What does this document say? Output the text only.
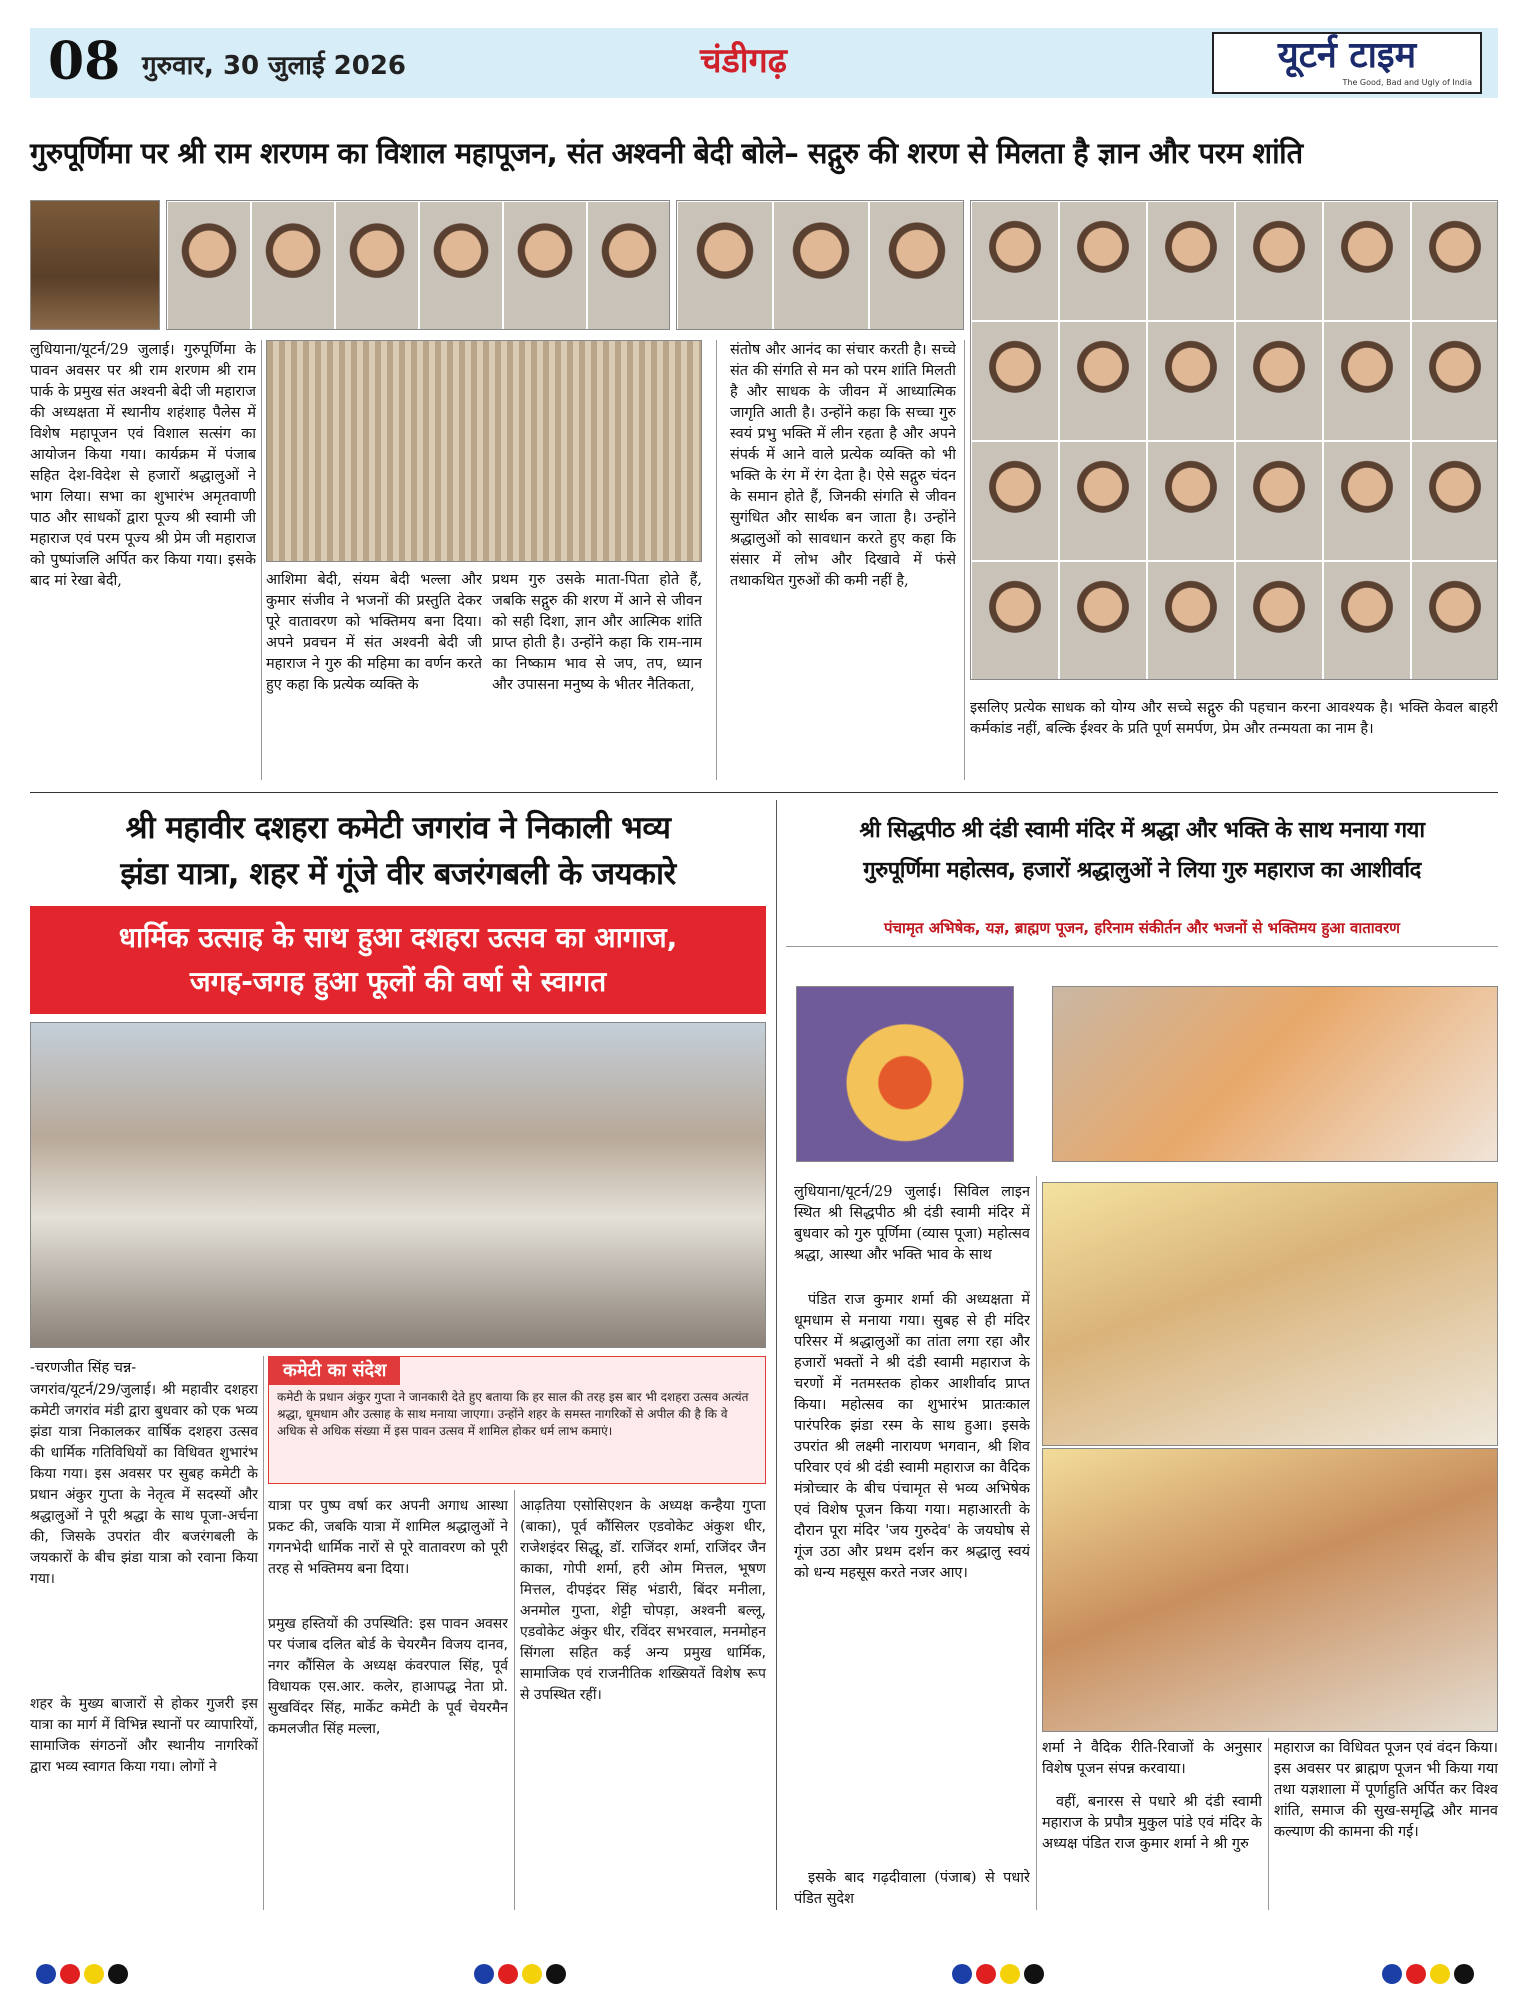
08 गुरुवार, 30 जुलाई 2026	चंडीगढ़	यूटर्न टाइम
The Good, Bad and Ugly of India
गुरुपूर्णिमा पर श्री राम शरणम का विशाल महापूजन, संत अश्वनी बेदी बोले– सद्गुरु की शरण से मिलता है ज्ञान और परम शांति
लुधियाना/यूटर्न/29 जुलाई। गुरुपूर्णिमा के पावन अवसर पर श्री राम शरणम श्री राम पार्क के प्रमुख संत अश्वनी बेदी जी महाराज की अध्यक्षता में स्थानीय शहंशाह पैलेस में विशेष महापूजन एवं विशाल सत्संग का आयोजन किया गया। कार्यक्रम में पंजाब सहित देश-विदेश से हजारों श्रद्धालुओं ने भाग लिया। सभा का शुभारंभ अमृतवाणी पाठ और साधकों द्वारा पूज्य श्री स्वामी जी महाराज एवं परम पूज्य श्री प्रेम जी महाराज को पुष्पांजलि अर्पित कर किया गया। इसके बाद मां रेखा बेदी,	आशिमा बेदी, संयम बेदी भल्ला और कुमार संजीव ने भजनों की प्रस्तुति देकर पूरे वातावरण को भक्तिमय बना दिया। अपने प्रवचन में संत अश्वनी बेदी जी महाराज ने गुरु की महिमा का वर्णन करते हुए कहा कि प्रत्येक व्यक्ति के
प्रथम गुरु उसके माता-पिता होते हैं, जबकि सद्गुरु की शरण में आने से जीवन को सही दिशा, ज्ञान और आत्मिक शांति प्राप्त होती है। उन्होंने कहा कि राम-नाम का निष्काम भाव से जप, तप, ध्यान और उपासना मनुष्य के भीतर नैतिकता,
संतोष और आनंद का संचार करती है। सच्चे संत की संगति से मन को परम शांति मिलती है और साधक के जीवन में आध्यात्मिक जागृति आती है। उन्होंने कहा कि सच्चा गुरु स्वयं प्रभु भक्ति में लीन रहता है और अपने संपर्क में आने वाले प्रत्येक व्यक्ति को भी भक्ति के रंग में रंग देता है। ऐसे सद्गुरु चंदन के समान होते हैं, जिनकी संगति से जीवन सुगंधित और सार्थक बन जाता है। उन्होंने श्रद्धालुओं को सावधान करते हुए कहा कि संसार में लोभ और दिखावे में फंसे तथाकथित गुरुओं की कमी नहीं है,
इसलिए प्रत्येक साधक को योग्य और सच्चे सद्गुरु की पहचान करना आवश्यक है। भक्ति केवल बाहरी कर्मकांड नहीं, बल्कि ईश्वर के प्रति पूर्ण समर्पण, प्रेम और तन्मयता का नाम है।
श्री महावीर दशहरा कमेटी जगरांव ने निकाली भव्य
झंडा यात्रा, शहर में गूंजे वीर बजरंगबली के जयकारे
धार्मिक उत्साह के साथ हुआ दशहरा उत्सव का आगाज,
जगह-जगह हुआ फूलों की वर्षा से स्वागत
-चरणजीत सिंह चन्न-
जगरांव/यूटर्न/29/जुलाई। श्री महावीर दशहरा कमेटी जगरांव मंडी द्वारा बुधवार को एक भव्य झंडा यात्रा निकालकर वार्षिक दशहरा उत्सव की धार्मिक गतिविधियों का विधिवत शुभारंभ किया गया। इस अवसर पर सुबह कमेटी के प्रधान अंकुर गुप्ता के नेतृत्व में सदस्यों और श्रद्धालुओं ने पूरी श्रद्धा के साथ पूजा-अर्चना की, जिसके उपरांत वीर बजरंगबली के जयकारों के बीच झंडा यात्रा को रवाना किया गया।
शहर के मुख्य बाजारों से होकर गुजरी इस यात्रा का मार्ग में विभिन्न स्थानों पर व्यापारियों, सामाजिक संगठनों और स्थानीय नागरिकों द्वारा भव्य स्वागत किया गया। लोगों ने
कमेटी का संदेश
कमेटी के प्रधान अंकुर गुप्ता ने जानकारी देते हुए बताया कि हर साल की तरह इस बार भी दशहरा उत्सव अत्यंत श्रद्धा, धूमधाम और उत्साह के साथ मनाया जाएगा। उन्होंने शहर के समस्त नागरिकों से अपील की है कि वे अधिक से अधिक संख्या में इस पावन उत्सव में शामिल होकर धर्म लाभ कमाएं।
यात्रा पर पुष्प वर्षा कर अपनी अगाध आस्था प्रकट की, जबकि यात्रा में शामिल श्रद्धालुओं ने गगनभेदी धार्मिक नारों से पूरे वातावरण को पूरी तरह से भक्तिमय बना दिया।
प्रमुख हस्तियों की उपस्थिति: इस पावन अवसर पर पंजाब दलित बोर्ड के चेयरमैन विजय दानव, नगर कौंसिल के अध्यक्ष कंवरपाल सिंह, पूर्व विधायक एस.आर. कलेर, हाआपद्ध नेता प्रो. सुखविंदर सिंह, मार्केट कमेटी के पूर्व चेयरमैन कमलजीत सिंह मल्ला,
आढ़तिया एसोसिएशन के अध्यक्ष कन्हैया गुप्ता (बाका), पूर्व कौंसिलर एडवोकेट अंकुश धीर, राजेशइंदर सिद्धू, डॉ. राजिंदर शर्मा, राजिंदर जैन काका, गोपी शर्मा, हरी ओम मित्तल, भूषण मित्तल, दीपइंदर सिंह भंडारी, बिंदर मनीला, अनमोल गुप्ता, शेट्टी चोपड़ा, अश्वनी बल्लू, एडवोकेट अंकुर धीर, रविंदर सभरवाल, मनमोहन सिंगला सहित कई अन्य प्रमुख धार्मिक, सामाजिक एवं राजनीतिक शख्सियतें विशेष रूप से उपस्थित रहीं।
श्री सिद्धपीठ श्री दंडी स्वामी मंदिर में श्रद्धा और भक्ति के साथ मनाया गया
गुरुपूर्णिमा महोत्सव, हजारों श्रद्धालुओं ने लिया गुरु महाराज का आशीर्वाद
पंचामृत अभिषेक, यज्ञ, ब्राह्मण पूजन, हरिनाम संकीर्तन और भजनों से भक्तिमय हुआ वातावरण
लुधियाना/यूटर्न/29 जुलाई। सिविल लाइन स्थित श्री सिद्धपीठ श्री दंडी स्वामी मंदिर में बुधवार को गुरु पूर्णिमा (व्यास पूजा) महोत्सव श्रद्धा, आस्था और भक्ति भाव के साथ
पंडित राज कुमार शर्मा की अध्यक्षता में धूमधाम से मनाया गया। सुबह से ही मंदिर परिसर में श्रद्धालुओं का तांता लगा रहा और हजारों भक्तों ने श्री दंडी स्वामी महाराज के चरणों में नतमस्तक होकर आशीर्वाद प्राप्त किया। महोत्सव का शुभारंभ प्रातःकाल पारंपरिक झंडा रस्म के साथ हुआ। इसके उपरांत श्री लक्ष्मी नारायण भगवान, श्री शिव परिवार एवं श्री दंडी स्वामी महाराज का वैदिक मंत्रोच्चार के बीच पंचामृत से भव्य अभिषेक एवं विशेष पूजन किया गया। महाआरती के दौरान पूरा मंदिर 'जय गुरुदेव' के जयघोष से गूंज उठा और प्रथम दर्शन कर श्रद्धालु स्वयं को धन्य महसूस करते नजर आए।
इसके बाद गढ़दीवाला (पंजाब) से पधारे पंडित सुदेश
शर्मा ने वैदिक रीति-रिवाजों के अनुसार विशेष पूजन संपन्न करवाया।
वहीं, बनारस से पधारे श्री दंडी स्वामी महाराज के प्रपौत्र मुकुल पांडे एवं मंदिर के अध्यक्ष पंडित राज कुमार शर्मा ने श्री गुरु
महाराज का विधिवत पूजन एवं वंदन किया। इस अवसर पर ब्राह्मण पूजन भी किया गया तथा यज्ञशाला में पूर्णाहुति अर्पित कर विश्व शांति, समाज की सुख-समृद्धि और मानव कल्याण की कामना की गई।
